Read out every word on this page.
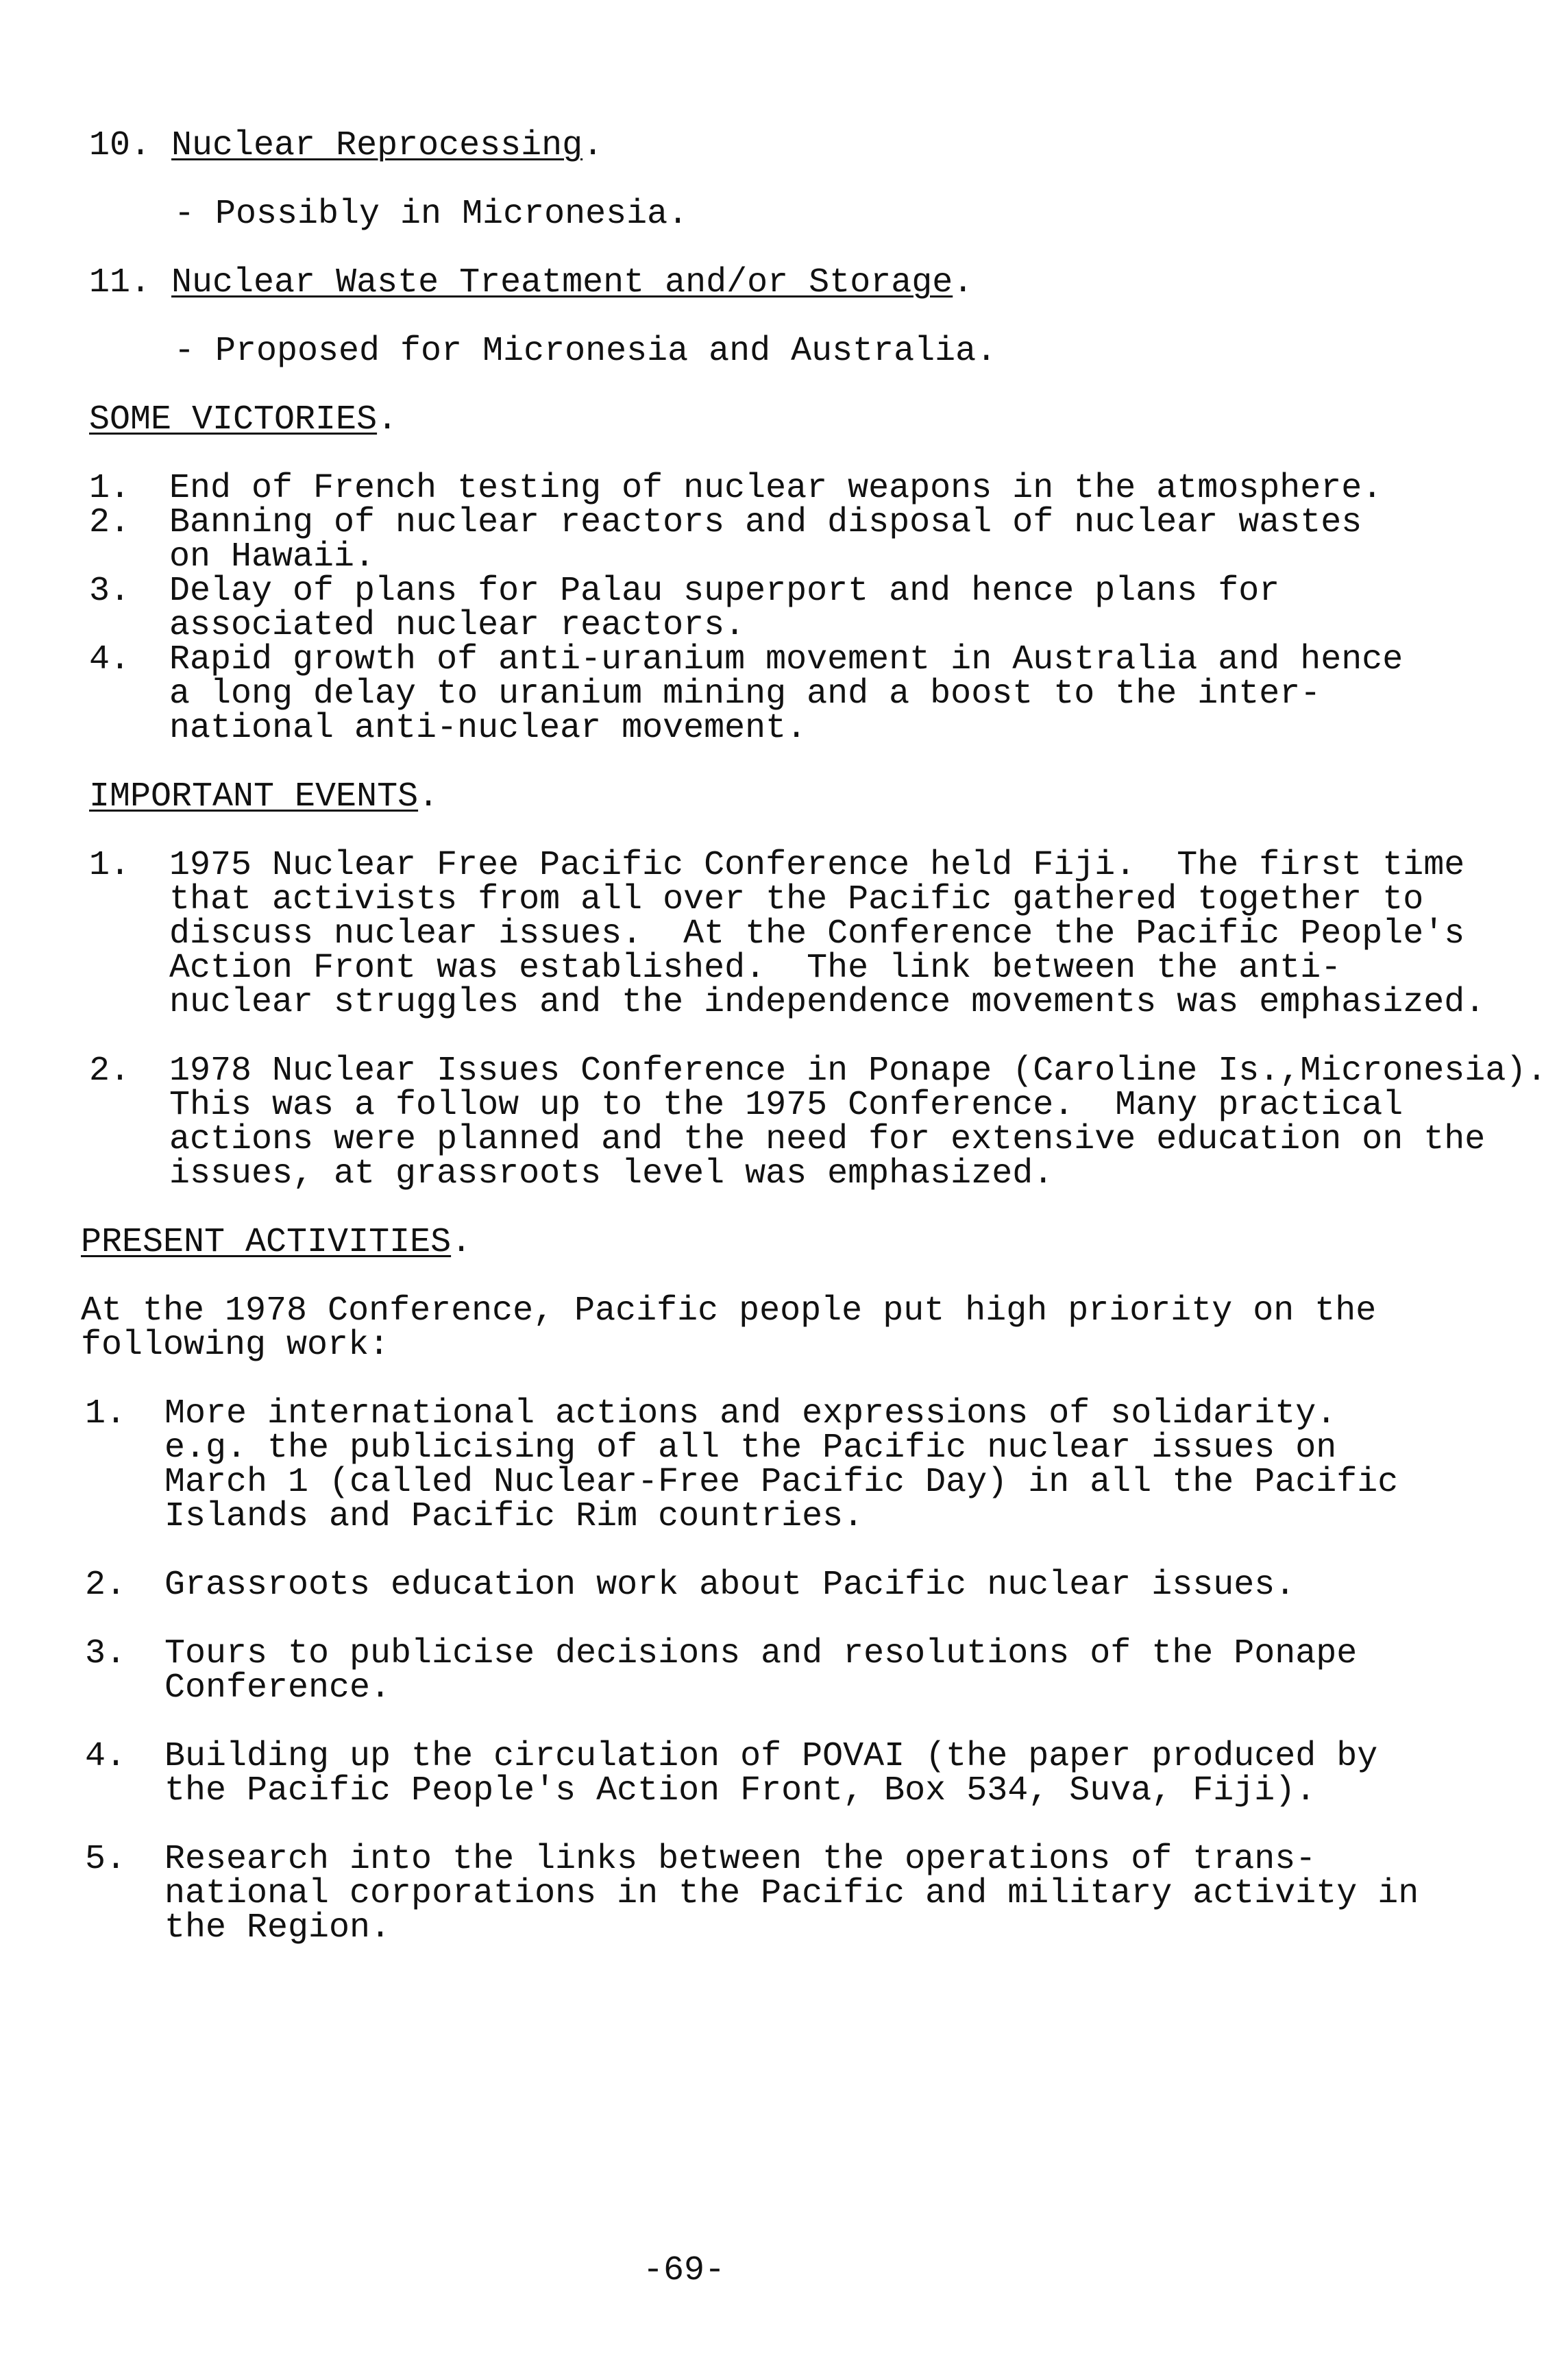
10. Nuclear Reprocessing.
- Possibly in Micronesia.
11. Nuclear Waste Treatment and/or Storage.
- Proposed for Micronesia and Australia.
SOME VICTORIES.
1. End of French testing of nuclear weapons in the atmosphere.
2. Banning of nuclear reactors and disposal of nuclear wastes
on Hawaii.
3. Delay of plans for Palau superport and hence plans for
associated nuclear reactors.
4. Rapid growth of anti-uranium movement in Australia and hence
a long delay to uranium mining and a boost to the inter-
national anti-nuclear movement.
IMPORTANT EVENTS.
1. 1975 Nuclear Free Pacific Conference held Fiji.  The first time
that activists from all over the Pacific gathered together to
discuss nuclear issues.  At the Conference the Pacific People's
Action Front was established.  The link between the anti-
nuclear struggles and the independence movements was emphasized.
2. 1978 Nuclear Issues Conference in Ponape (Caroline Is.,Micronesia).
This was a follow up to the 1975 Conference.  Many practical
actions were planned and the need for extensive education on the
issues, at grassroots level was emphasized.
PRESENT ACTIVITIES.
At the 1978 Conference, Pacific people put high priority on the
following work:
1. More international actions and expressions of solidarity.
e.g. the publicising of all the Pacific nuclear issues on
March 1 (called Nuclear-Free Pacific Day) in all the Pacific
Islands and Pacific Rim countries.
2. Grassroots education work about Pacific nuclear issues.
3. Tours to publicise decisions and resolutions of the Ponape
Conference.
4. Building up the circulation of POVAI (the paper produced by
the Pacific People's Action Front, Box 534, Suva, Fiji).
5. Research into the links between the operations of trans-
national corporations in the Pacific and military activity in
the Region.
-69-
